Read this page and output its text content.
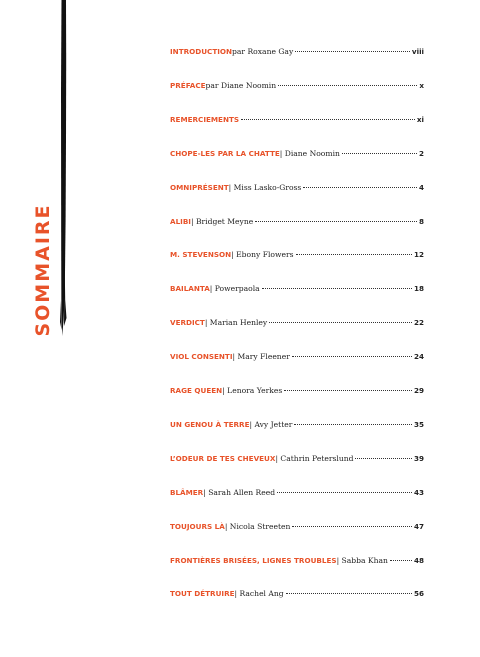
SOMMAIRE
INTRODUCTION par Roxane Gay	viii
PRÉFACE par Diane Noomin	x
REMERCIEMENTS	xi
CHOPE-LES PAR LA CHATTE | Diane Noomin	2
OMNIPRÉSENT | Miss Lasko-Gross	4
ALIBI | Bridget Meyne	8
M. STEVENSON | Ebony Flowers	12
BAILANTA | Powerpaola	18
VERDICT | Marian Henley	22
VIOL CONSENTI | Mary Fleener	24
RAGE QUEEN | Lenora Yerkes	29
UN GENOU À TERRE | Avy Jetter	35
L’ODEUR DE TES CHEVEUX | Cathrin Peterslund	39
BLÂMER | Sarah Allen Reed	43
TOUJOURS LÀ | Nicola Streeten	47
FRONTIÈRES BRISÉES, LIGNES TROUBLES | Sabba Khan	48
TOUT DÉTRUIRE | Rachel Ang	56
